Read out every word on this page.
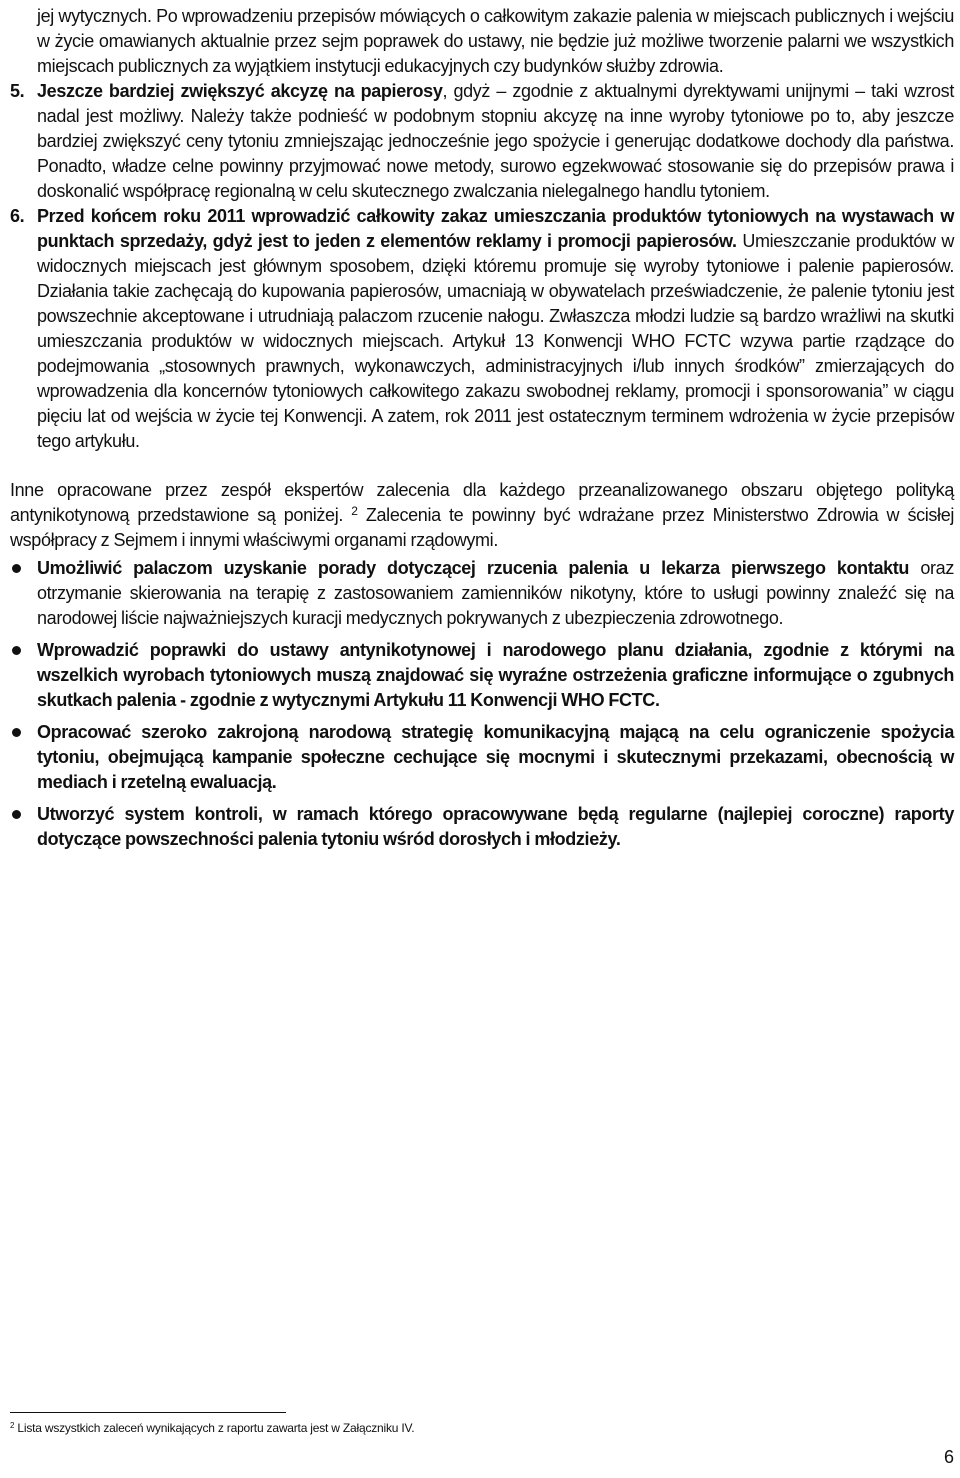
jej wytycznych. Po wprowadzeniu przepisów mówiących o całkowitym zakazie palenia w miejscach publicznych i wejściu w życie omawianych aktualnie przez sejm poprawek do ustawy, nie będzie już możliwe tworzenie palarni we wszystkich miejscach publicznych za wyjątkiem instytucji edukacyjnych czy budynków służby zdrowia.

5. Jeszcze bardziej zwiększyć akcyzę na papierosy, gdyż – zgodnie z aktualnymi dyrektywami unijnymi – taki wzrost nadal jest możliwy. Należy także podnieść w podobnym stopniu akcyzę na inne wyroby tytoniowe po to, aby jeszcze bardziej zwiększyć ceny tytoniu zmniejszając jednocześnie jego spożycie i generując dodatkowe dochody dla państwa. Ponadto, władze celne powinny przyjmować nowe metody, surowo egzekwować stosowanie się do przepisów prawa i doskonalić współpracę regionalną w celu skutecznego zwalczania nielegalnego handlu tytoniem.
6. Przed końcem roku 2011 wprowadzić całkowity zakaz umieszczania produktów tytoniowych na wystawach w punktach sprzedaży, gdyż jest to jeden z elementów reklamy i promocji papierosów. Umieszczanie produktów w widocznych miejscach jest głównym sposobem, dzięki któremu promuje się wyroby tytoniowe i palenie papierosów. Działania takie zachęcają do kupowania papierosów, umacniają w obywatelach przeświadczenie, że palenie tytoniu jest powszechnie akceptowane i utrudniają palaczom rzucenie nałogu. Zwłaszcza młodzi ludzie są bardzo wrażliwi na skutki umieszczania produktów w widocznych miejscach. Artykuł 13 Konwencji WHO FCTC wzywa partie rządzące do podejmowania „stosownych prawnych, wykonawczych, administracyjnych i/lub innych środków” zmierzających do wprowadzenia dla koncernów tytoniowych całkowitego zakazu swobodnej reklamy, promocji i sponsorowania” w ciągu pięciu lat od wejścia w życie tej Konwencji. A zatem, rok 2011 jest ostatecznym terminem wdrożenia w życie przepisów tego artykułu.

Inne opracowane przez zespół ekspertów zalecenia dla każdego przeanalizowanego obszaru objętego polityką antynikotynową przedstawione są poniżej. $^2$ Zalecenia te powinny być wdrażane przez Ministerstwo Zdrowia w ścisłej współpracy z Sejmem i innymi właściwymi organami rządowymi.

Umożliwić palaczom uzyskanie porady dotyczącej rzucenia palenia u lekarza pierwszego kontaktu oraz otrzymanie skierowania na terapię z zastosowaniem zamienników nikotyny, które to usługi powinny znaleźć się na narodowej liście najważniejszych kuracji medycznych pokrywanych z ubezpieczenia zdrowotnego.
Wprowadzić poprawki do ustawy antynikotynowej i narodowego planu działania, zgodnie z którymi na wszelkich wyrobach tytoniowych muszą znajdować się wyraźne ostrzeżenia graficzne informujące o zgubnych skutkach palenia - zgodnie z wytycznymi Artykułu 11 Konwencji WHO FCTC.
Opracować szeroko zakrojoną narodową strategię komunikacyjną mającą na celu ograniczenie spożycia tytoniu, obejmującą kampanie społeczne cechujące się mocnymi i skutecznymi przekazami, obecnością w mediach i rzetelną ewaluacją.
Utworzyć system kontroli, w ramach którego opracowywane będą regularne (najlepiej coroczne) raporty dotyczące powszechności palenia tytoniu wśród dorosłych i młodzieży.
$^2$ Lista wszystkich zaleceń wynikających z raportu zawarta jest w Załączniku IV.
6
